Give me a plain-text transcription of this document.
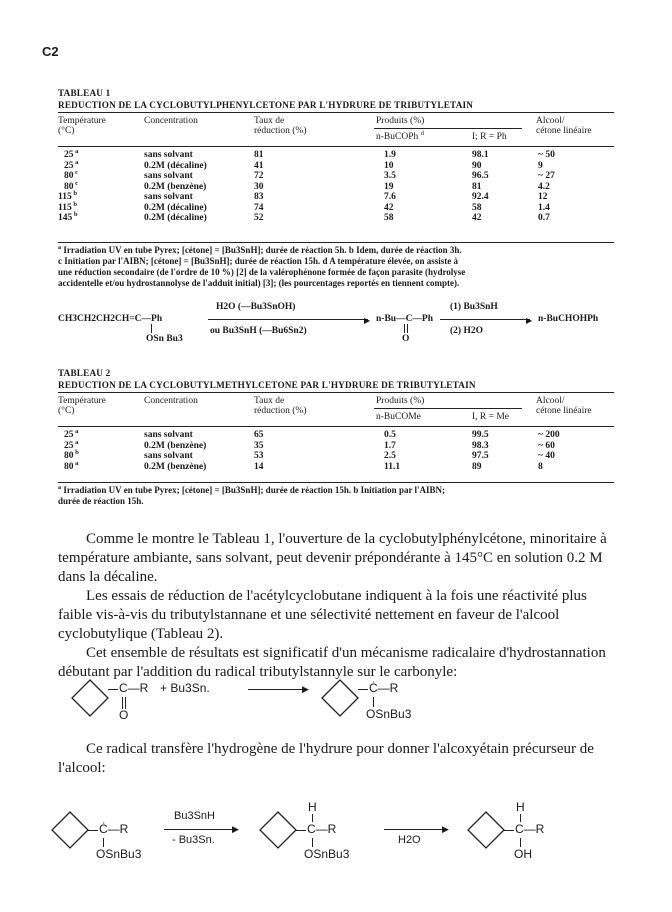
C2
TABLEAU 1
REDUCTION DE LA CYCLOBUTYLPHENYLCETONE PAR L'HYDRURE DE TRIBUTYLETAIN
Température
(°C)
Concentration	Taux de
réduction (%)
Produits (%)
n-BuCOPh $^d$	I; R = Ph
Alcool/
cétone linéaire
25 $^a$	sans solvant	81	1.9	98.1	~ 50
25 $^a$	0.2M (décaline)	41	10	90	9
80 $^c$	sans solvant	72	3.5	96.5	~ 27
80 $^c$	0.2M (benzène)	30	19	81	4.2
115 $^b$	sans solvant	83	7.6	92.4	12
115 $^b$	0.2M (décaline)	74	42	58	1.4
145 $^b$	0.2M (décaline)	52	58	42	0.7
$^a$ Irradiation UV en tube Pyrex; [cétone] = [Bu3SnH]; durée de réaction 5h. b Idem, durée de réaction 3h.
c Initiation par l'AIBN; [cétone] = [Bu3SnH]; durée de réaction 15h. d A température élevée, on assiste à
une réduction secondaire (de l'ordre de 10 %) [2] de la valérophénone formée de façon parasite (hydrolyse
accidentelle et/ou hydrostannolyse de l'adduit initial) [3]; (les pourcentages reportés en tiennent compte).
CH3CH2CH2CH=C—Ph
OSn Bu3
H2O (—Bu3SnOH)
▶
ou Bu3SnH (—Bu6Sn2)
n-Bu—C—Ph
O
(1) Bu3SnH
▶
(2) H2O
n-BuCHOHPh
TABLEAU 2
REDUCTION DE LA CYCLOBUTYLMETHYLCETONE PAR L'HYDRURE DE TRIBUTYLETAIN
Température
(°C)
Concentration	Taux de
réduction (%)
Produits (%)
n-BuCOMe	I, R = Me
Alcool/
cétone linéaire
25 $^a$	sans solvant	65	0.5	99.5	~ 200
25 $^a$	0.2M (benzène)	35	1.7	98.3	~ 60
80 $^b$	sans solvant	53	2.5	97.5	~ 40
80 $^a$	0.2M (benzène)	14	11.1	89	8
$^a$ Irradiation UV en tube Pyrex; [cétone] = [Bu3SnH]; durée de réaction 15h. b Initiation par l'AIBN;
durée de réaction 15h.

Comme le montre le Tableau 1, l'ouverture de la cyclobutylphénylcétone, minoritaire à température ambiante, sans solvant, peut devenir prépondérante à 145°C en solution 0.2 M dans la décaline.

Les essais de réduction de l'acétylcyclobutane indiquent à la fois une réactivité plus faible vis-à-vis du tributylstannane et une sélectivité nettement en faveur de l'alcool cyclobutylique (Tableau 2).

Cet ensemble de résultats est significatif d'un mécanisme radicalaire d'hydrostannation débutant par l'addition du radical tributylstannyle sur le carbonyle:

C—R
O
+ Bu3Sn.	▶	Ċ—R
OSnBu3

Ce radical transfère l'hydrogène de l'hydrure pour donner l'alcoxyétain précurseur de l'alcool:

Ċ—R
OSnBu3
Bu3SnH
▶
- Bu3Sn.
H
C—R
OSnBu3
H2O
▶
H
C—R
OH
